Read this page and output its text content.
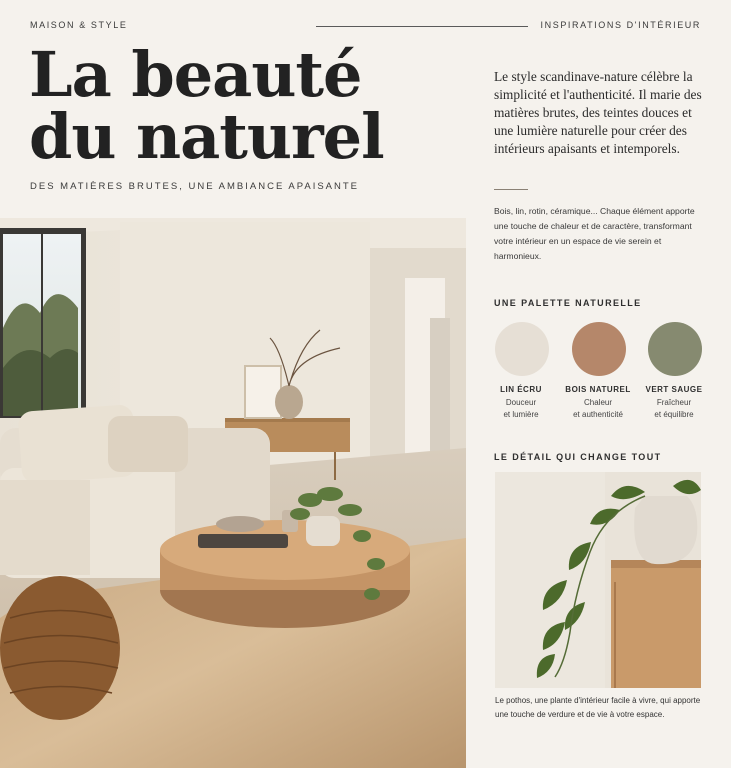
MAISON & STYLE	INSPIRATIONS D'INTÉRIEUR
La beauté
du naturel
DES MATIÈRES BRUTES, UNE AMBIANCE APAISANTE

Le style scandinave-nature célèbre la simplicité et l'authenticité. Il marie des matières brutes, des teintes douces et une lumière naturelle pour créer des intérieurs apaisants et intemporels.

Bois, lin, rotin, céramique... Chaque élément apporte une touche de chaleur et de caractère, transformant votre intérieur en un espace de vie serein et harmonieux.

UNE PALETTE NATURELLE
LIN ÉCRU
Douceur
et lumière
BOIS NATUREL
Chaleur
et authenticité
VERT SAUGE
Fraîcheur
et équilibre
LE DÉTAIL QUI CHANGE TOUT

Le pothos, une plante d'intérieur facile à vivre, qui apporte une touche de verdure et de vie à votre espace.
